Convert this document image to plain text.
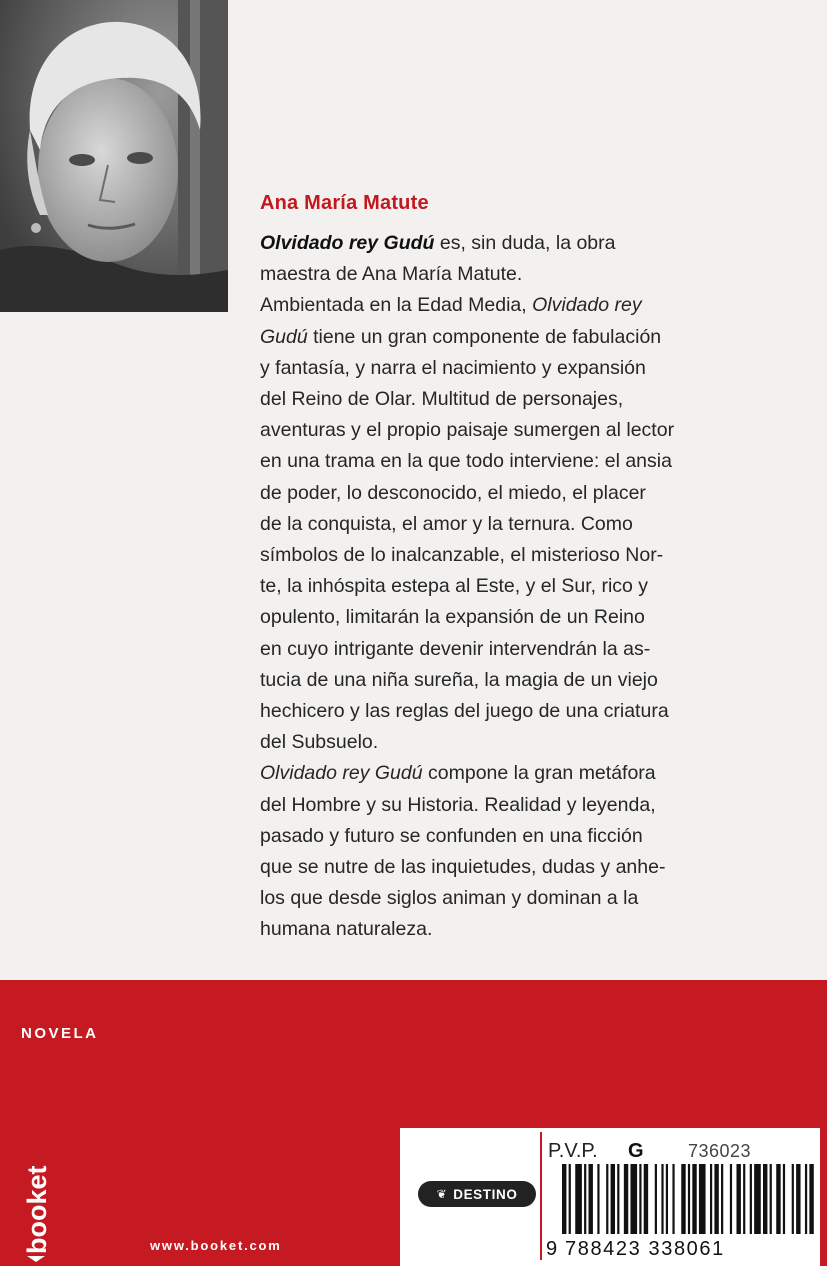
Ana María Matute

Olvidado rey Gudú es, sin duda, la obra
maestra de Ana María Matute.

Ambientada en la Edad Media, Olvidado rey
Gudú tiene un gran componente de fabulación
y fantasía, y narra el nacimiento y expansión
del Reino de Olar. Multitud de personajes,
aventuras y el propio paisaje sumergen al lector
en una trama en la que todo interviene: el ansia
de poder, lo desconocido, el miedo, el placer
de la conquista, el amor y la ternura. Como
símbolos de lo inalcanzable, el misterioso Nor-
te, la inhóspita estepa al Este, y el Sur, rico y
opulento, limitarán la expansión de un Reino
en cuyo intrigante devenir intervendrán la as-
tucia de una niña sureña, la magia de un viejo
hechicero y las reglas del juego de una criatura
del Subsuelo.

Olvidado rey Gudú compone la gran metáfora
del Hombre y su Historia. Realidad y leyenda,
pasado y futuro se confunden en una ficción
que se nutre de las inquietudes, dudas y anhe-
los que desde siglos animan y dominan a la
humana naturaleza.

NOVELA
booket	www.booket.com
❦ DESTINO
P.V.P. G 736023
9 788423 338061
